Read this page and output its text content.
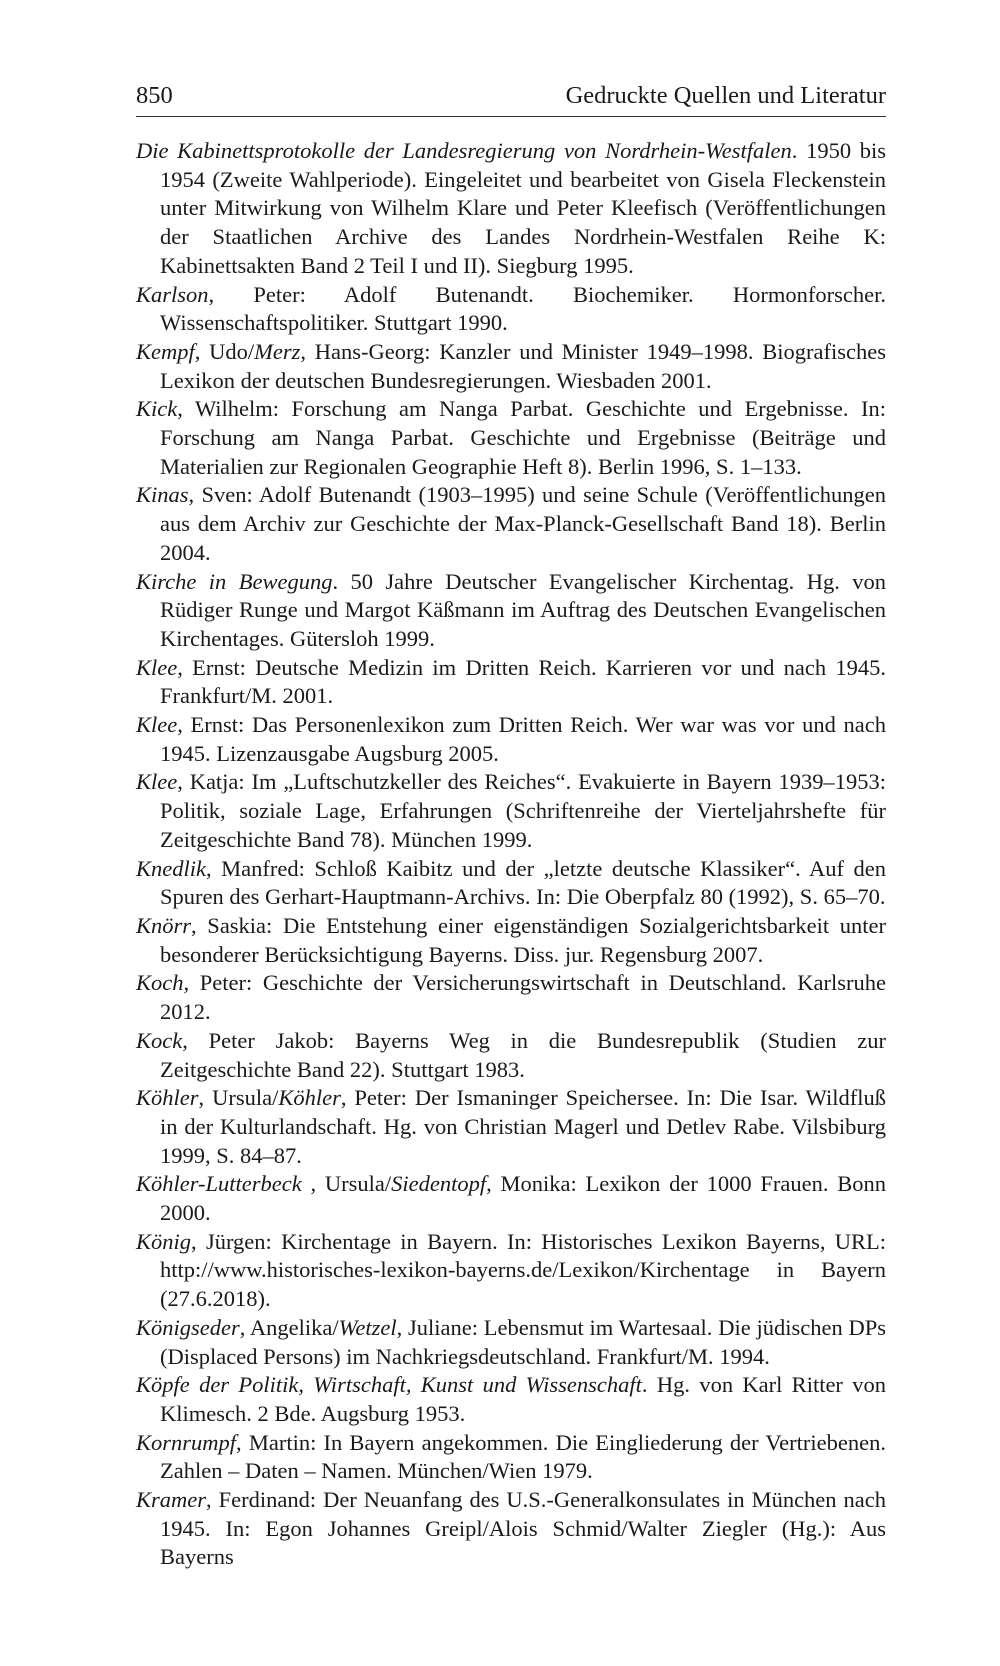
850	Gedruckte Quellen und Literatur

Die Kabinettsprotokolle der Landesregierung von Nordrhein-Westfalen. 1950 bis 1954 (Zweite Wahlperiode). Eingeleitet und bearbeitet von Gisela Fleckenstein unter Mitwirkung von Wilhelm Klare und Peter Kleefisch (Veröffentlichungen der Staatlichen Archive des Landes Nordrhein-Westfalen Reihe K: Kabinettsakten Band 2 Teil I und II). Siegburg 1995.

Karlson, Peter: Adolf Butenandt. Biochemiker. Hormonforscher. Wissenschaftspolitiker. Stuttgart 1990.

Kempf, Udo/Merz, Hans-Georg: Kanzler und Minister 1949–1998. Biografisches Lexikon der deutschen Bundesregierungen. Wiesbaden 2001.

Kick, Wilhelm: Forschung am Nanga Parbat. Geschichte und Ergebnisse. In: Forschung am Nanga Parbat. Geschichte und Ergebnisse (Beiträge und Materialien zur Regionalen Geographie Heft 8). Berlin 1996, S. 1–133.

Kinas, Sven: Adolf Butenandt (1903–1995) und seine Schule (Veröffentlichungen aus dem Archiv zur Geschichte der Max-Planck-Gesellschaft Band 18). Berlin 2004.

Kirche in Bewegung. 50 Jahre Deutscher Evangelischer Kirchentag. Hg. von Rüdiger Runge und Margot Käßmann im Auftrag des Deutschen Evangelischen Kirchentages. Gütersloh 1999.

Klee, Ernst: Deutsche Medizin im Dritten Reich. Karrieren vor und nach 1945. Frankfurt/M. 2001.

Klee, Ernst: Das Personenlexikon zum Dritten Reich. Wer war was vor und nach 1945. Lizenzausgabe Augsburg 2005.

Klee, Katja: Im „Luftschutzkeller des Reiches“. Evakuierte in Bayern 1939–1953: Politik, soziale Lage, Erfahrungen (Schriftenreihe der Vierteljahrshefte für Zeitgeschichte Band 78). München 1999.

Knedlik, Manfred: Schloß Kaibitz und der „letzte deutsche Klassiker“. Auf den Spuren des Gerhart-Hauptmann-Archivs. In: Die Oberpfalz 80 (1992), S. 65–70.

Knörr, Saskia: Die Entstehung einer eigenständigen Sozialgerichtsbarkeit unter besonderer Berücksichtigung Bayerns. Diss. jur. Regensburg 2007.

Koch, Peter: Geschichte der Versicherungswirtschaft in Deutschland. Karlsruhe 2012.

Kock, Peter Jakob: Bayerns Weg in die Bundesrepublik (Studien zur Zeitgeschichte Band 22). Stuttgart 1983.

Köhler, Ursula/Köhler, Peter: Der Ismaninger Speichersee. In: Die Isar. Wildfluß in der Kulturlandschaft. Hg. von Christian Magerl und Detlev Rabe. Vilsbiburg 1999, S. 84–87.

Köhler-Lutterbeck , Ursula/Siedentopf, Monika: Lexikon der 1000 Frauen. Bonn 2000.

König, Jürgen: Kirchentage in Bayern. In: Historisches Lexikon Bayerns, URL: http://www.historisches-lexikon-bayerns.de/Lexikon/Kirchentage in Bayern (27.6.2018).

Königseder, Angelika/Wetzel, Juliane: Lebensmut im Wartesaal. Die jüdischen DPs (Displaced Persons) im Nachkriegsdeutschland. Frankfurt/M. 1994.

Köpfe der Politik, Wirtschaft, Kunst und Wissenschaft. Hg. von Karl Ritter von Klimesch. 2 Bde. Augsburg 1953.

Kornrumpf, Martin: In Bayern angekommen. Die Eingliederung der Vertriebenen. Zahlen – Daten – Namen. München/Wien 1979.

Kramer, Ferdinand: Der Neuanfang des U.S.-Generalkonsulates in München nach 1945. In: Egon Johannes Greipl/Alois Schmid/Walter Ziegler (Hg.): Aus Bayerns
